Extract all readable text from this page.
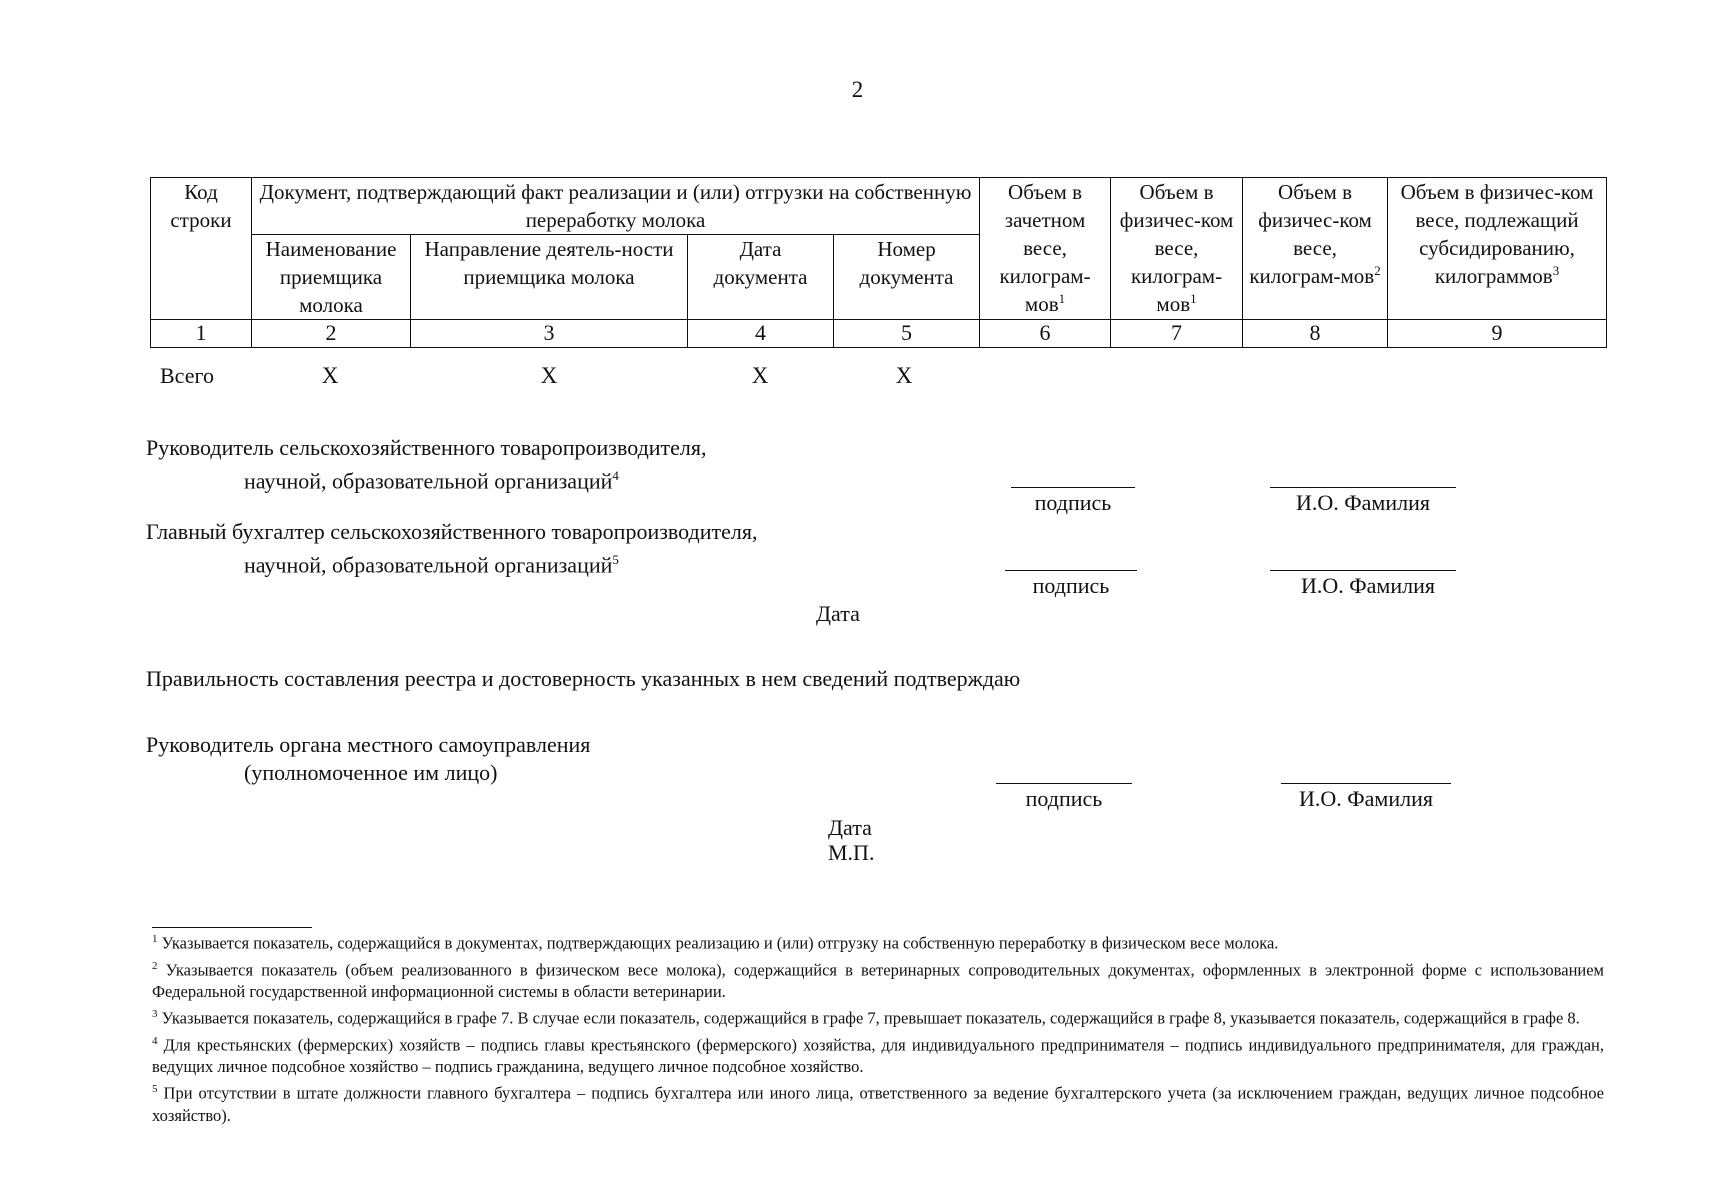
2
Код строки	Документ, подтверждающий факт реализации и (или) отгрузки на собственную переработку молока				Объем в зачетном весе, килограм-мов$^1$	Объем в физичес-ком весе, килограм-мов$^1$	Объем в физичес-ком весе, килограм-мов$^2$	Объем в физичес-ком весе, подлежащий субсидированию, килограммов$^3$
	Наименование приемщика молока	Направление деятель-ности приемщика молока	Дата документа	Номер документа				
1	2	3	4	5	6	7	8	9
Всего	X	X	X	X
Руководитель сельскохозяйственного товаропроизводителя,
научной, образовательной организаций$^4$
подпись	И.О. Фамилия
Главный бухгалтер сельскохозяйственного товаропроизводителя,
научной, образовательной организаций$^5$
подпись	И.О. Фамилия
Дата
Правильность составления реестра и достоверность указанных в нем сведений подтверждаю
Руководитель органа местного самоуправления
(уполномоченное им лицо)
подпись	И.О. Фамилия
Дата
М.П.

$^1$ Указывается показатель, содержащийся в документах, подтверждающих реализацию и (или) отгрузку на собственную переработку в физическом весе молока.

$^2$ Указывается показатель (объем реализованного в физическом весе молока), содержащийся в ветеринарных сопроводительных документах, оформленных в электронной форме с использованием Федеральной государственной информационной системы в области ветеринарии.

$^3$ Указывается показатель, содержащийся в графе 7. В случае если показатель, содержащийся в графе 7, превышает показатель, содержащийся в графе 8, указывается показатель, содержащийся в графе 8.

$^4$ Для крестьянских (фермерских) хозяйств – подпись главы крестьянского (фермерского) хозяйства, для индивидуального предпринимателя – подпись индивидуального предпринимателя, для граждан, ведущих личное подсобное хозяйство – подпись гражданина, ведущего личное подсобное хозяйство.

$^5$ При отсутствии в штате должности главного бухгалтера – подпись бухгалтера или иного лица, ответственного за ведение бухгалтерского учета (за исключением граждан, ведущих личное подсобное хозяйство).
